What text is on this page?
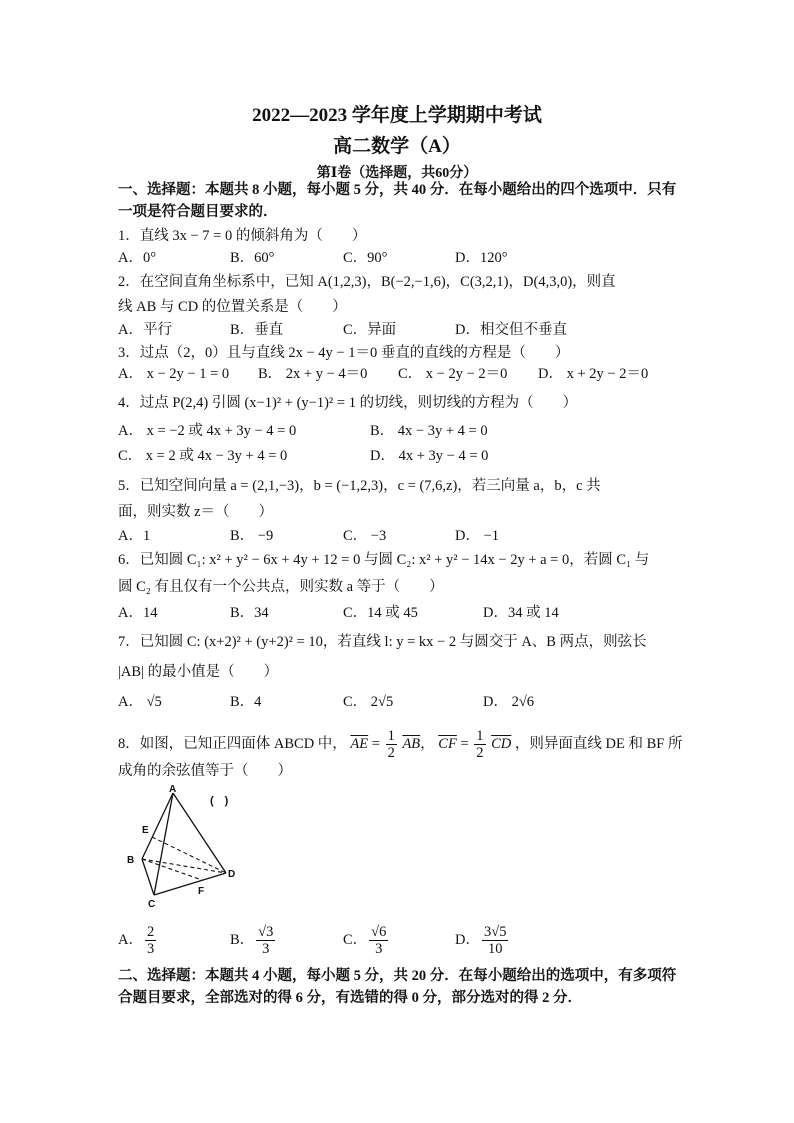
2022—2023 学年度上学期期中考试
高二数学（A）
第Ⅰ卷（选择题，共60分）
一、选择题：本题共 8 小题，每小题 5 分，共 40 分．在每小题给出的四个选项中．只有
一项是符合题目要求的．
1．直线 3x − 7 = 0 的倾斜角为（　　）
A．0°	B．60°	C．90°	D．120°
2．在空间直角坐标系中，已知 A(1,2,3)，B(−2,−1,6)，C(3,2,1)，D(4,3,0)，则直
线 AB 与 CD 的位置关系是（　　）
A．平行	B．垂直	C．异面	D．相交但不垂直
3．过点（2，0）且与直线 2x − 4y − 1＝0 垂直的直线的方程是（　　）
A． x − 2y − 1 = 0 B． 2x + y − 4＝0 C． x − 2y − 2＝0 D． x + 2y − 2＝0
4．过点 P(2,4) 引圆 (x−1)² + (y−1)² = 1 的切线，则切线的方程为（　　）
A． x = −2 或 4x + 3y − 4 = 0	B． 4x − 3y + 4 = 0
C． x = 2 或 4x − 3y + 4 = 0	D． 4x + 3y − 4 = 0
5．已知空间向量 a = (2,1,−3)，b = (−1,2,3)，c = (7,6,z)，若三向量 a，b，c 共
面，则实数 z＝（　　）
A．1	B． −9	C． −3	D． −1
6．已知圆 C₁: x² + y² − 6x + 4y + 12 = 0 与圆 C₂: x² + y² − 14x − 2y + a = 0，若圆 C₁ 与
圆 C₂ 有且仅有一个公共点，则实数 a 等于（　　）
A．14	B．34	C．14 或 45	D．34 或 14
7．已知圆 C: (x+2)² + (y+2)² = 10，若直线 l: y = kx − 2 与圆交于 A、B 两点，则弦长
|AB| 的最小值是（　　）
A． √5	B．4	C． 2√5	D． 2√6
8．如图，已知正四面体 ABCD 中， $\overline{AE} = \frac{1}{2} \overline{AB}$， $\overline{CF} = \frac{1}{2} \overline{CD}$ ，则异面直线 DE 和 BF 所
成角的余弦值等于（　　）
(　)
A
E
B
D
F
C
A． $\frac{2}{3}$	B． $\frac{√3}{3}$	C． $\frac{√6}{3}$	D． $\frac{3√5}{10}$
二、选择题：本题共 4 小题，每小题 5 分，共 20 分．在每小题给出的选项中，有多项符
合题目要求，全部选对的得 6 分，有选错的得 0 分，部分选对的得 2 分．
